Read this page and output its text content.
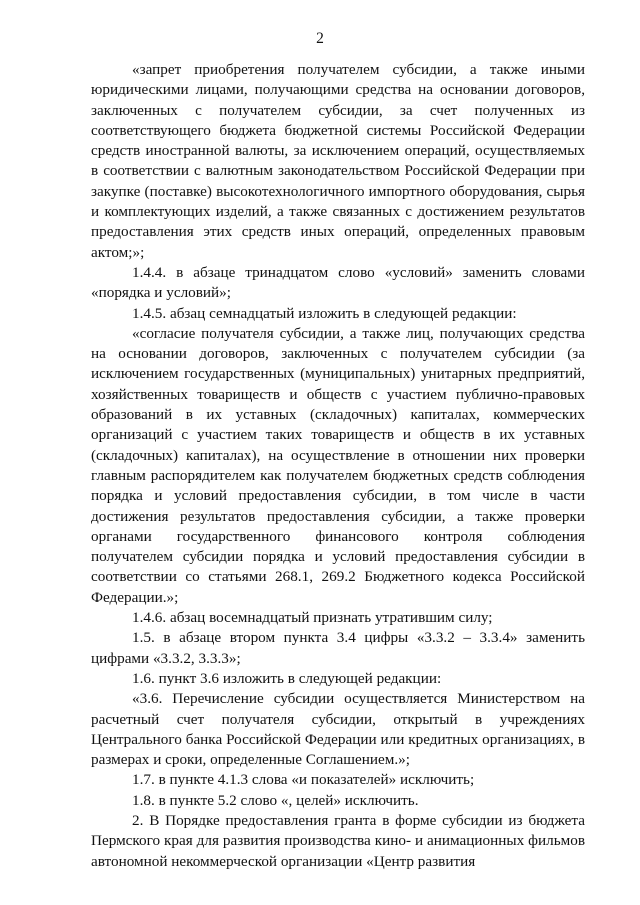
2

«запрет приобретения получателем субсидии, а также иными юридическими лицами, получающими средства на основании договоров, заключенных с получателем субсидии, за счет полученных из соответствующего бюджета бюджетной системы Российской Федерации средств иностранной валюты, за исключением операций, осуществляемых в соответствии с валютным законодательством Российской Федерации при закупке (поставке) высокотехнологичного импортного оборудования, сырья и комплектующих изделий, а также связанных с достижением результатов предоставления этих средств иных операций, определенных правовым актом;»;

1.4.4. в абзаце тринадцатом слово «условий» заменить словами «порядка и условий»;

1.4.5. абзац семнадцатый изложить в следующей редакции:

«согласие получателя субсидии, а также лиц, получающих средства на основании договоров, заключенных с получателем субсидии (за исключением государственных (муниципальных) унитарных предприятий, хозяйственных товариществ и обществ с участием публично-правовых образований в их уставных (складочных) капиталах, коммерческих организаций с участием таких товариществ и обществ в их уставных (складочных) капиталах), на осуществление в отношении них проверки главным распорядителем как получателем бюджетных средств соблюдения порядка и условий предоставления субсидии, в том числе в части достижения результатов предоставления субсидии, а также проверки органами государственного финансового контроля соблюдения получателем субсидии порядка и условий предоставления субсидии в соответствии со статьями 268.1, 269.2 Бюджетного кодекса Российской Федерации.»;

1.4.6. абзац восемнадцатый признать утратившим силу;

1.5. в абзаце втором пункта 3.4 цифры «3.3.2 – 3.3.4» заменить цифрами «3.3.2, 3.3.3»;

1.6. пункт 3.6 изложить в следующей редакции:

«3.6. Перечисление субсидии осуществляется Министерством на расчетный счет получателя субсидии, открытый в учреждениях Центрального банка Российской Федерации или кредитных организациях, в размерах и сроки, определенные Соглашением.»;

1.7. в пункте 4.1.3 слова «и показателей» исключить;

1.8. в пункте 5.2 слово «, целей» исключить.

2. В Порядке предоставления гранта в форме субсидии из бюджета Пермского края для развития производства кино- и анимационных фильмов автономной некоммерческой организации «Центр развития
